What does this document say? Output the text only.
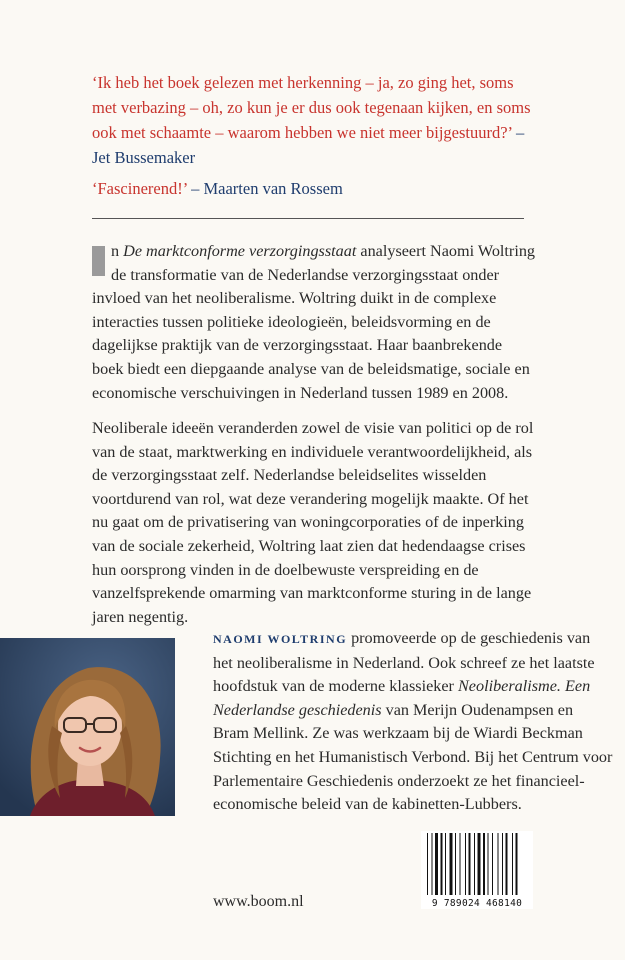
‘Ik heb het boek gelezen met herkenning – ja, zo ging het, soms met verbazing – oh, zo kun je er dus ook tegenaan kijken, en soms ook met schaamte – waarom hebben we niet meer bijgestuurd?’ – Jet Bussemaker
‘Fascinerend!’ – Maarten van Rossem
n De marktconforme verzorgingsstaat analyseert Naomi Woltring de transformatie van de Nederlandse verzorgingsstaat onder invloed van het neoliberalisme. Woltring duikt in de complexe interacties tussen politieke ideologieën, beleidsvorming en de dagelijkse praktijk van de verzorgingsstaat. Haar baanbrekende boek biedt een diepgaande analyse van de beleidsmatige, sociale en economische verschuivingen in Nederland tussen 1989 en 2008.
Neoliberale ideeën veranderden zowel de visie van politici op de rol van de staat, marktwerking en individuele verantwoordelijkheid, als de verzorgingsstaat zelf. Nederlandse beleidselites wisselden voortdurend van rol, wat deze verandering mogelijk maakte. Of het nu gaat om de privatisering van woningcorporaties of de inperking van de sociale zekerheid, Woltring laat zien dat hedendaagse crises hun oorsprong vinden in de doelbewuste verspreiding en de vanzelfsprekende omarming van marktconforme sturing in de lange jaren negentig.
NAOMI WOLTRING promoveerde op de geschiedenis van het neoliberalisme in Nederland. Ook schreef ze het laatste hoofdstuk van de moderne klassieker Neoliberalisme. Een Nederlandse geschiedenis van Merijn Oudenampsen en Bram Mellink. Ze was werkzaam bij de Wiardi Beckman Stichting en het Humanistisch Verbond. Bij het Centrum voor Parlementaire Geschiedenis onderzoekt ze het financieel-economische beleid van de kabinetten-Lubbers.
www.boom.nl	9 789024 468140
